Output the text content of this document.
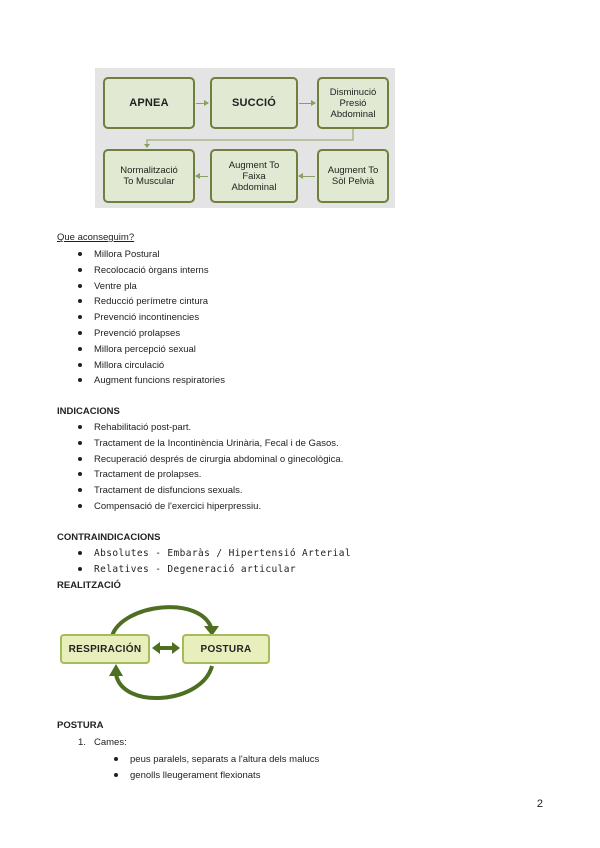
APNEA	SUCCIÓ
Disminució
Presió
Abdominal
Normalització
To Muscular
Augment To
Faixa
Abdominal
Augment To
Sòl Pelvià
Que aconseguim?
Millora Postural
Recolocació òrgans interns
Ventre pla
Reducció perímetre cintura
Prevenció incontinencies
Prevenció prolapses
Millora percepció sexual
Millora circulació
Augment funcions respiratories
INDICACIONS
Rehabilitació post-part.
Tractament de la Incontinència Urinària, Fecal i de Gasos.
Recuperació després de cirurgia abdominal o ginecològica.
Tractament de prolapses.
Tractament de disfuncions sexuals.
Compensació de l'exercici hiperpressiu.
CONTRAINDICACIONS
Absolutes - Embaràs / Hipertensió Arterial
Relatives - Degeneració articular
REALITZACIÓ
RESPIRACIÓN	POSTURA
POSTURA
1. Cames:
peus paralels, separats a l'altura dels malucs
genolls lleugerament flexionats
2
